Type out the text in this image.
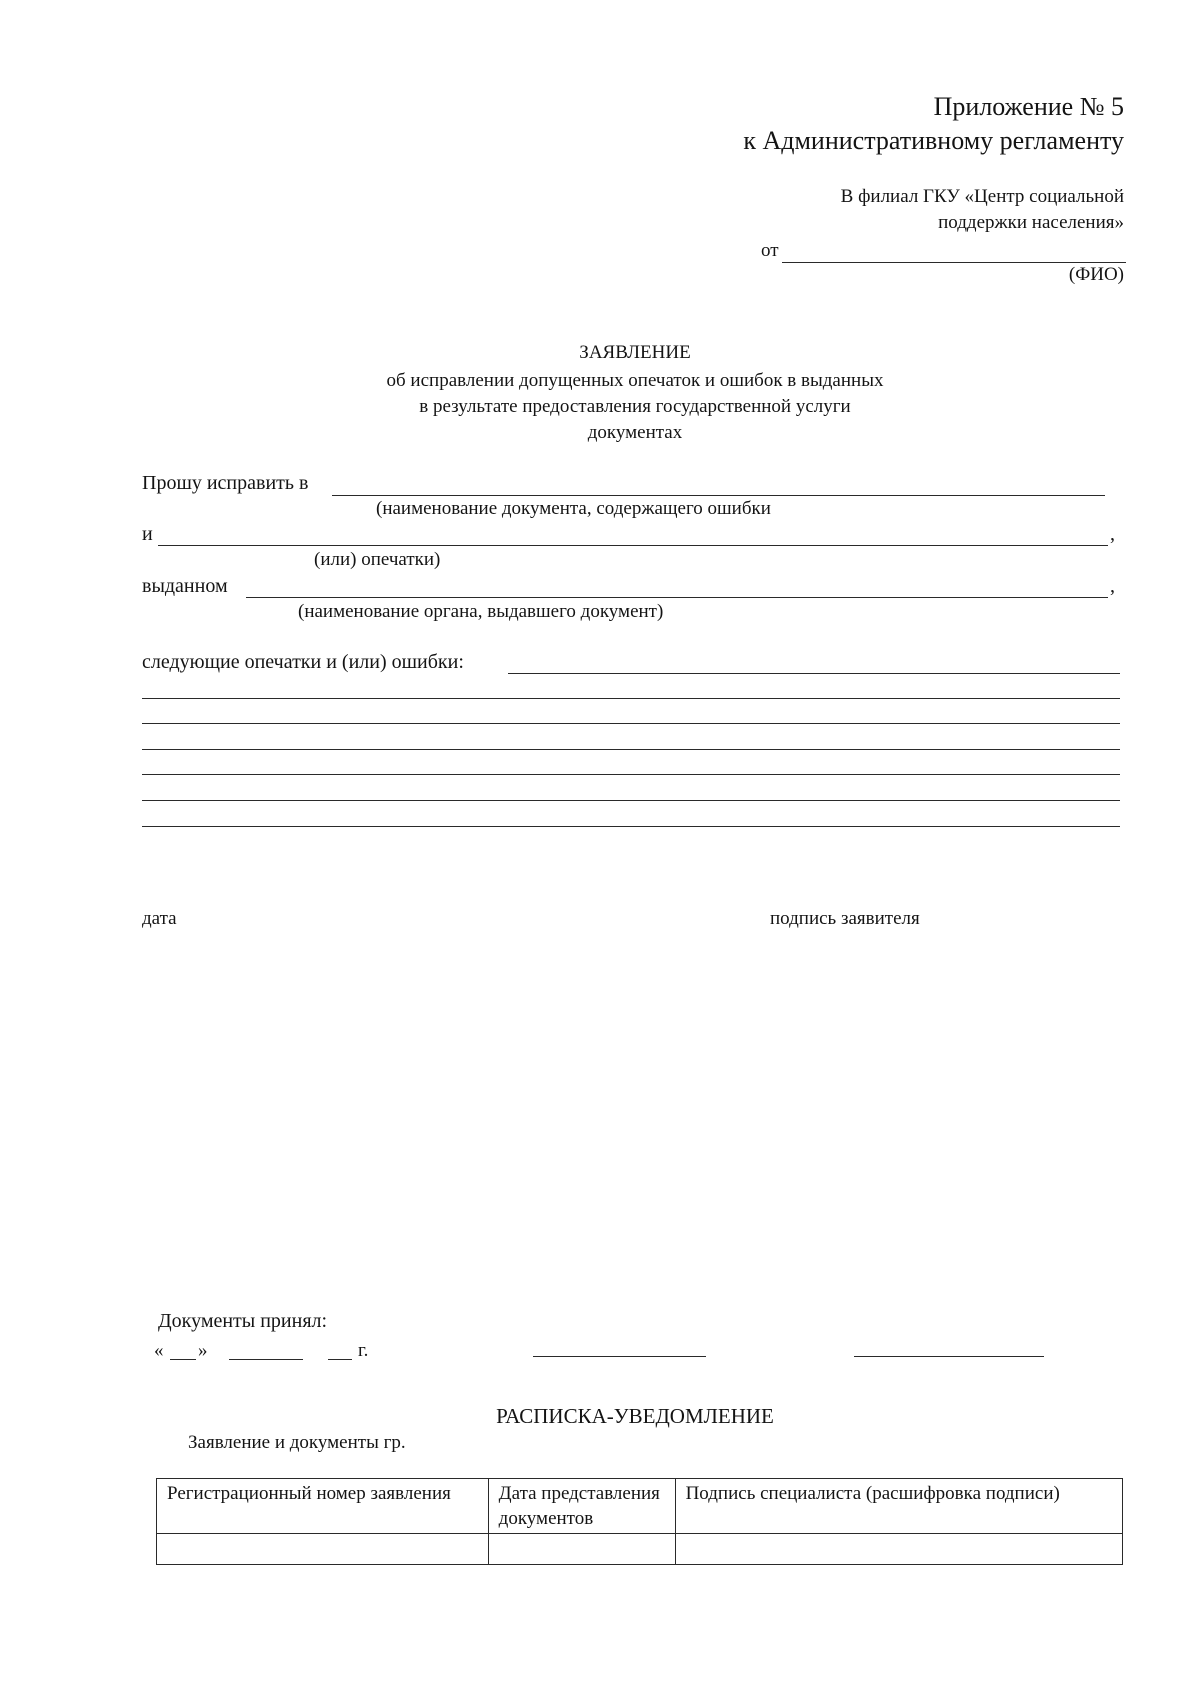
Приложение № 5
к Административному регламенту
В филиал ГКУ «Центр социальной
поддержки населения»
от
(ФИО)
ЗАЯВЛЕНИЕ
об исправлении допущенных опечаток и ошибок в выданных
в результате предоставления государственной услуги
документах
Прошу исправить в
(наименование документа, содержащего ошибки
и	,
(или) опечатки)
выданном	,
(наименование органа, выдавшего документ)
следующие опечатки и (или) ошибки:
дата	подпись заявителя
Документы принял:
« »	г.
РАСПИСКА-УВЕДОМЛЕНИЕ
Заявление и документы гр.
Регистрационный номер заявления	Дата представления документов	Подпись специалиста (расшифровка подписи)
